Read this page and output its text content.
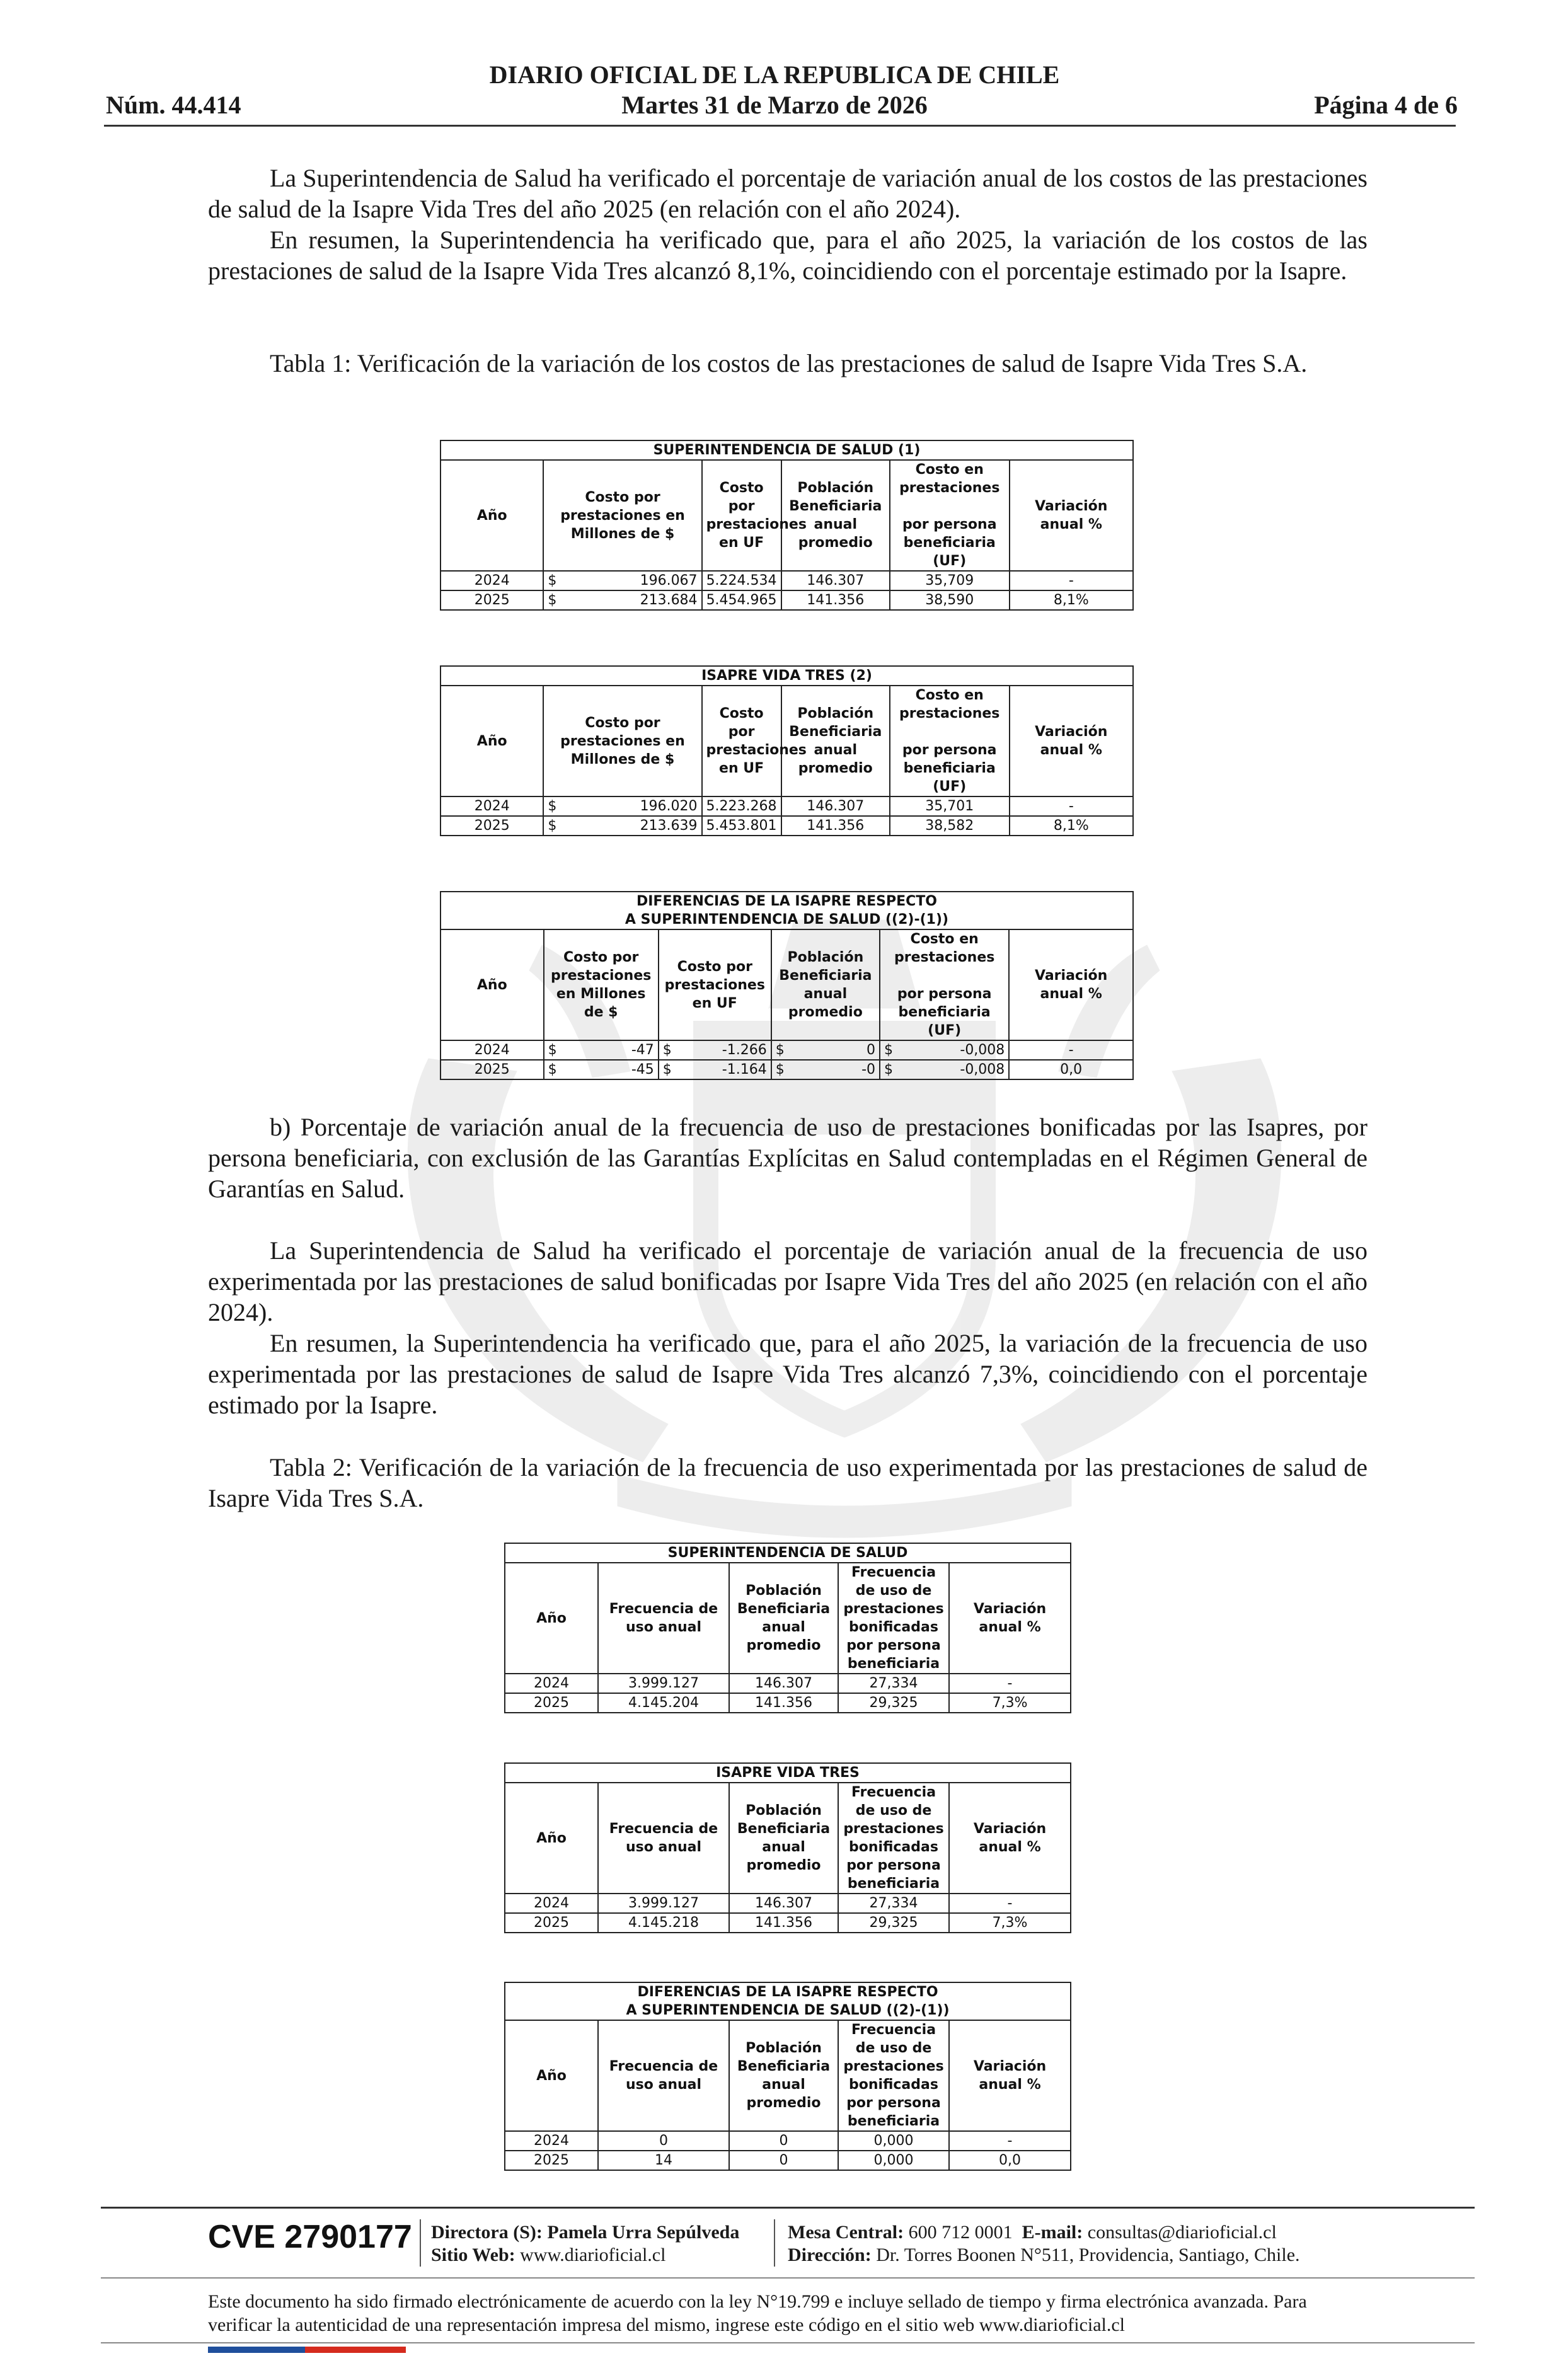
Núm. 44.414
DIARIO OFICIAL DE LA REPUBLICA DE CHILE
Martes 31 de Marzo de 2026	Página 4 de 6

La Superintendencia de Salud ha verificado el porcentaje de variación anual de los costos de las prestaciones de salud de la Isapre Vida Tres del año 2025 (en relación con el año 2024).

En resumen, la Superintendencia ha verificado que, para el año 2025, la variación de los costos de las prestaciones de salud de la Isapre Vida Tres alcanzó 8,1%, coincidiendo con el porcentaje estimado por la Isapre.

Tabla 1: Verificación de la variación de los costos de las prestaciones de salud de Isapre Vida Tres S.A.

SUPERINTENDENCIA DE SALUD (1)						
Año	Costo por prestaciones en Millones de $		Costo por prestaciones en UF	Población Beneficiaria anual promedio	Costo en prestaciones
por persona beneficiaria (UF)	Variación anual %
2024	$	196.067	5.224.534	146.307	35,709	-
2025	$	213.684	5.454.965	141.356	38,590	8,1%
ISAPRE VIDA TRES (2)						
Año	Costo por prestaciones en Millones de $		Costo por prestaciones en UF	Población Beneficiaria anual promedio	Costo en prestaciones
por persona beneficiaria (UF)	Variación anual %
2024	$	196.020	5.223.268	146.307	35,701	-
2025	$	213.639	5.453.801	141.356	38,582	8,1%
DIFERENCIAS DE LA ISAPRE RESPECTO
A SUPERINTENDENCIA DE SALUD ((2)-(1))									

Año	Costo por prestaciones en Millones de $		Costo por prestaciones en UF		Población Beneficiaria anual promedio		Costo en prestaciones
por persona beneficiaria (UF)		Variación anual %
2024	$	-47	$	-1.266	$	0	$	-0,008	-
2025	$	-45	$	-1.164	$	-0	$	-0,008	0,0

b) Porcentaje de variación anual de la frecuencia de uso de prestaciones bonificadas por las Isapres, por persona beneficiaria, con exclusión de las Garantías Explícitas en Salud contempladas en el Régimen General de Garantías en Salud.

La Superintendencia de Salud ha verificado el porcentaje de variación anual de la frecuencia de uso experimentada por las prestaciones de salud bonificadas por Isapre Vida Tres del año 2025 (en relación con el año 2024).

En resumen, la Superintendencia ha verificado que, para el año 2025, la variación de la frecuencia de uso experimentada por las prestaciones de salud de Isapre Vida Tres alcanzó 7,3%, coincidiendo con el porcentaje estimado por la Isapre.

Tabla 2: Verificación de la variación de la frecuencia de uso experimentada por las prestaciones de salud de Isapre Vida Tres S.A.

SUPERINTENDENCIA DE SALUD				
Año	Frecuencia de uso anual	Población Beneficiaria anual promedio	Frecuencia de uso de prestaciones bonificadas por persona beneficiaria	Variación anual %
2024	3.999.127	146.307	27,334	-
2025	4.145.204	141.356	29,325	7,3%
ISAPRE VIDA TRES				
Año	Frecuencia de uso anual	Población Beneficiaria anual promedio	Frecuencia de uso de prestaciones bonificadas por persona beneficiaria	Variación anual %
2024	3.999.127	146.307	27,334	-
2025	4.145.218	141.356	29,325	7,3%
DIFERENCIAS DE LA ISAPRE RESPECTO
A SUPERINTENDENCIA DE SALUD ((2)-(1))				

Año	Frecuencia de uso anual	Población Beneficiaria anual promedio	Frecuencia de uso de prestaciones bonificadas por persona beneficiaria	Variación anual %
2024	0	0	0,000	-
2025	14	0	0,000	0,0
CVE 2790177 Directora (S): Pamela Urra Sepúlveda
Sitio Web: www.diarioficial.cl
Mesa Central: 600 712 0001 E-mail: consultas@diarioficial.cl
Dirección: Dr. Torres Boonen N°511, Providencia, Santiago, Chile.
Este documento ha sido firmado electrónicamente de acuerdo con la ley N°19.799 e incluye sellado de tiempo y firma electrónica avanzada. Para verificar la autenticidad de una representación impresa del mismo, ingrese este código en el sitio web www.diarioficial.cl
